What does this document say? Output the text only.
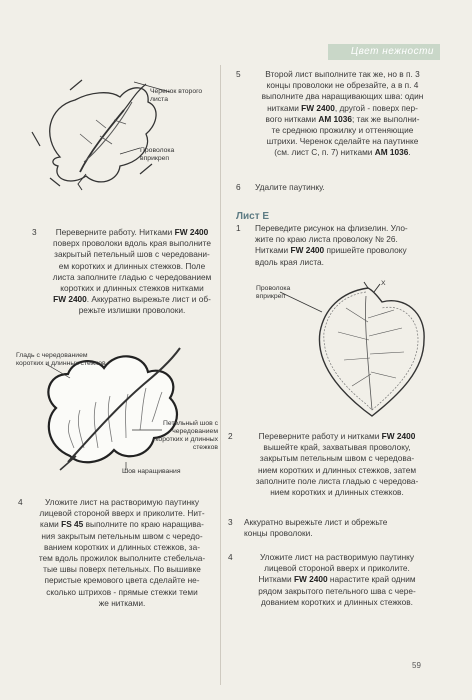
Цвет нежности
Черенок второго листа
Проволока вприкреп
3	Переверните работу. Нитками FW 2400
поверх проволоки вдоль края выполните
закрытый петельный шов с чередовани-
ем коротких и длинных стежков. Поле
листа заполните гладью с чередованием
коротких и длинных стежков нитками
FW 2400. Аккуратно вырежьте лист и об-
режьте излишки проволоки.
Гладь с чередованием коротких и длинных стежков
Петельный шов с чередованием коротких и длинных стежков
Шов наращивания
4	Уложите лист на растворимую паутинку
лицевой стороной вверх и приколите. Нит-
ками FS 45 выполните по краю наращива-
ния закрытым петельным швом с чередо-
ванием коротких и длинных стежков, за-
тем вдоль прожилок выполните стебельча-
тые швы поверх петельных. По вышивке
перистые кремового цвета сделайте не-
сколько штрихов - прямые стежки теми
же нитками.
5	Второй лист выполните так же, но в п. 3
концы проволоки не обрезайте, а в п. 4
выполните два наращивающих шва: один
нитками FW 2400, другой - поверх пер-
вого нитками AM 1036; так же выполни-
те среднюю прожилку и оттеняющие
штрихи. Черенок сделайте на паутинке
(см. лист С, п. 7) нитками AM 1036.
6 Удалите паутинку.
Лист Е
1 Переведите рисунок на флизелин. Уло-
жите по краю листа проволоку № 26.
Нитками FW 2400 пришейте проволоку
вдоль края листа.
Проволока вприкреп
Х
2	Переверните работу и нитками FW 2400
вышейте край, захватывая проволоку,
закрытым петельным швом с чередова-
нием коротких и длинных стежков, затем
заполните поле листа гладью с чередова-
нием коротких и длинных стежков.
3 Аккуратно вырежьте лист и обрежьте
концы проволоки.
4	Уложите лист на растворимую паутинку
лицевой стороной вверх и приколите.
Нитками FW 2400 нарастите край одним
рядом закрытого петельного шва с чере-
дованием коротких и длинных стежков.
59
